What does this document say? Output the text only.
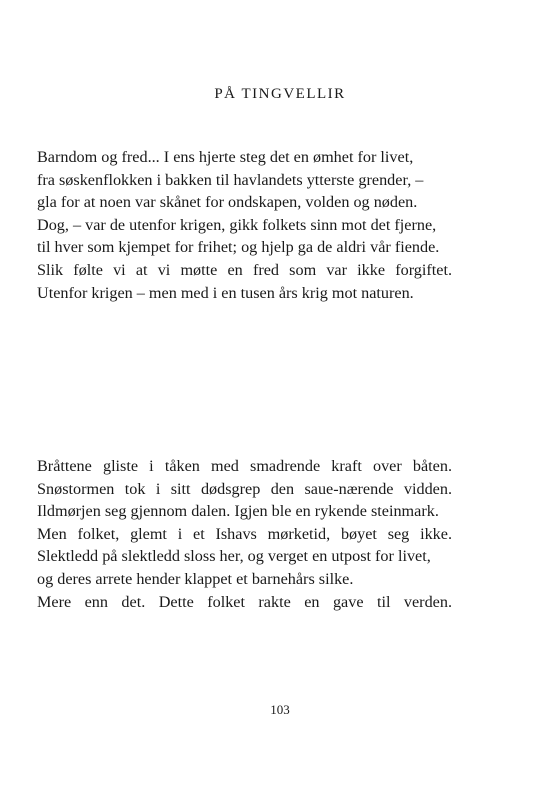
PÅ TINGVELLIR
Barndom og fred... I ens hjerte steg det en ømhet for livet,
fra søskenflokken i bakken til havlandets ytterste grender, –
gla for at noen var skånet for ondskapen, volden og nøden.
Dog, – var de utenfor krigen, gikk folkets sinn mot det fjerne,
til hver som kjempet for frihet; og hjelp ga de aldri vår fiende.
Slik følte vi at vi møtte en fred som var ikke forgiftet.
Utenfor krigen – men med i en tusen års krig mot naturen.
Bråttene gliste i tåken med smadrende kraft over båten.
Snøstormen tok i sitt dødsgrep den saue-nærende vidden.
Ildmørjen seg gjennom dalen. Igjen ble en rykende steinmark.
Men folket, glemt i et Ishavs mørketid, bøyet seg ikke.
Slektledd på slektledd sloss her, og verget en utpost for livet,
og deres arrete hender klappet et barnehårs silke.
Mere enn det. Dette folket rakte en gave til verden.
103
